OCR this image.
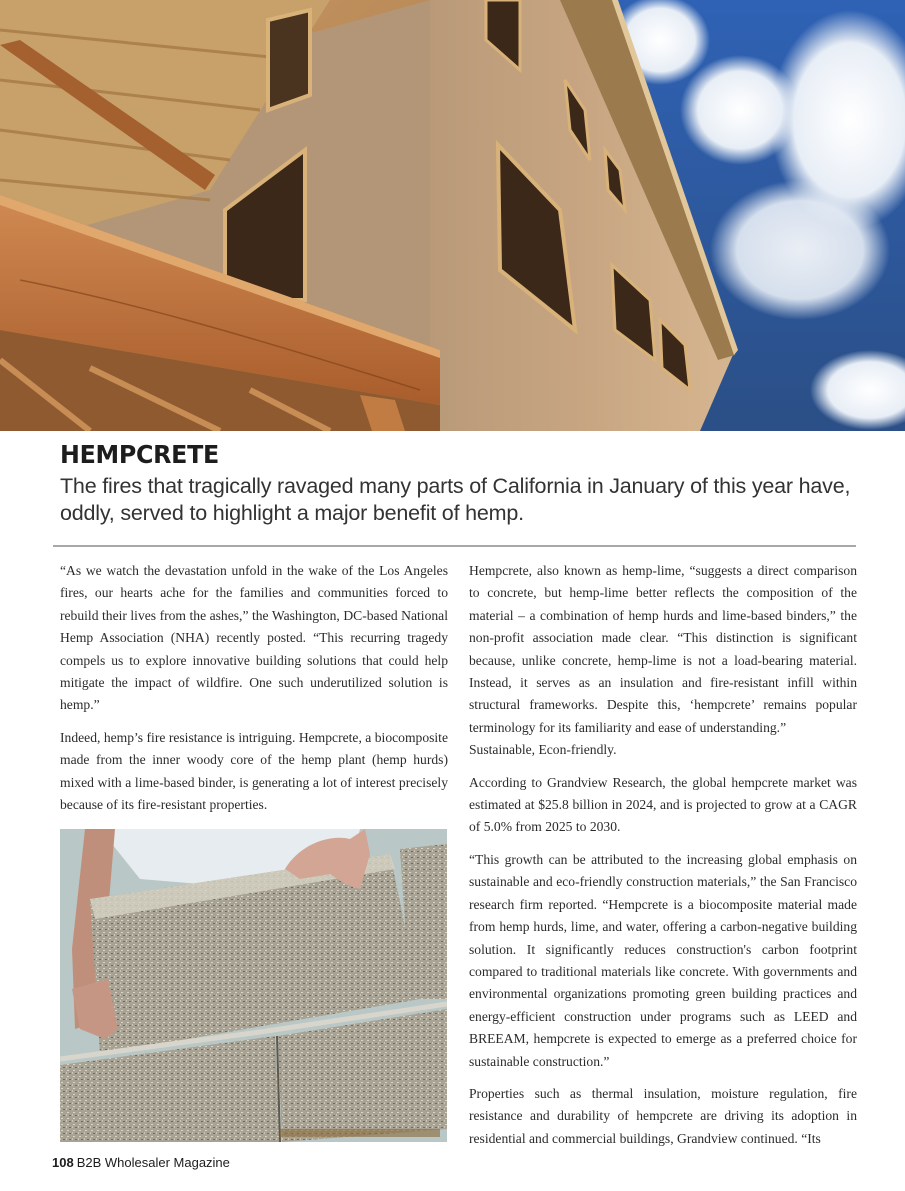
HEMPCRETE

The fires that tragically ravaged many parts of California in January of this year have, oddly, served to highlight a major benefit of hemp.

“As we watch the devastation unfold in the wake of the Los Angeles fires, our hearts ache for the families and communities forced to rebuild their lives from the ashes,” the Washington, DC-based National Hemp Association (NHA) recently posted. “This recurring tragedy compels us to explore innovative building solutions that could help mitigate the impact of wildfire. One such underutilized solution is hemp.”

Indeed, hemp’s fire resistance is intriguing. Hempcrete, a biocomposite made from the inner woody core of the hemp plant (hemp hurds) mixed with a lime-based binder, is generating a lot of interest precisely because of its fire-resistant properties.

Hempcrete, also known as hemp-lime, “suggests a direct comparison to concrete, but hemp-lime better reflects the composition of the material – a combination of hemp hurds and lime-based binders,” the non-profit association made clear. “This distinction is significant because, unlike concrete, hemp-lime is not a load-bearing material. Instead, it serves as an insulation and fire-resistant infill within structural frameworks. Despite this, ‘hempcrete’ remains popular terminology for its familiarity and ease of understanding.”

Sustainable, Econ-friendly.

According to Grandview Research, the global hempcrete market was estimated at $25.8 billion in 2024, and is projected to grow at a CAGR of 5.0% from 2025 to 2030.

“This growth can be attributed to the increasing global emphasis on sustainable and eco-friendly construction materials,” the San Francisco research firm reported. “Hempcrete is a biocomposite material made from hemp hurds, lime, and water, offering a carbon-negative building solution. It significantly reduces construction's carbon footprint compared to traditional materials like concrete. With governments and environmental organizations promoting green building practices and energy-efficient construction under programs such as LEED and BREEAM, hempcrete is expected to emerge as a preferred choice for sustainable construction.”

Properties such as thermal insulation, moisture regulation, fire resistance and durability of hempcrete are driving its adoption in residential and commercial buildings, Grandview continued. “Its

108 B2B Wholesaler Magazine
